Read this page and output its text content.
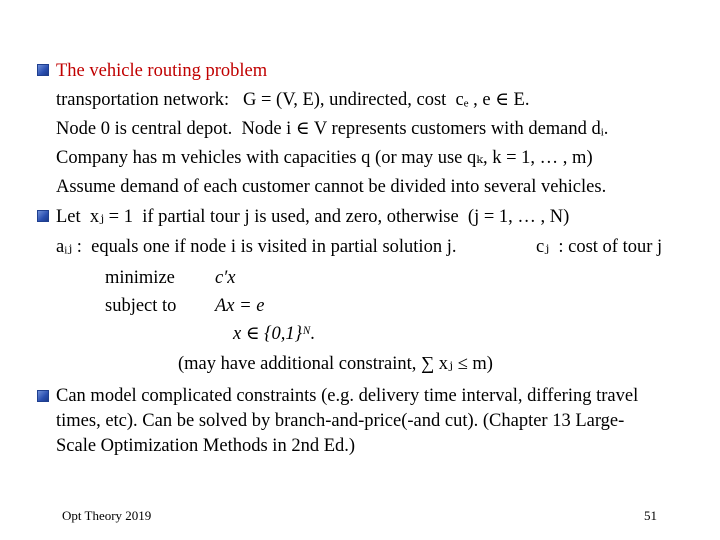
The vehicle routing problem
transportation network:   G = (V, E), undirected, cost  cₑ , e ∈ E.
Node 0 is central depot.  Node i ∈ V represents customers with demand dᵢ.
Company has m vehicles with capacities q (or may use qₖ, k = 1, … , m)
Assume demand of each customer cannot be divided into several vehicles.
Let  xⱼ = 1  if partial tour j is used, and zero, otherwise  (j = 1, … , N)
aᵢⱼ :  equals one if node i is visited in partial solution j.	cⱼ  : cost of tour j
minimize c′x
subject to Ax = e
x ∈ {0,1}ᴺ.
(may have additional constraint, ∑ xⱼ ≤ m)
Can model complicated constraints (e.g. delivery time interval, differing travel
times, etc). Can be solved by branch-and-price(-and cut). (Chapter 13 Large-
Scale Optimization Methods in 2nd Ed.)
Opt Theory 2019	51
